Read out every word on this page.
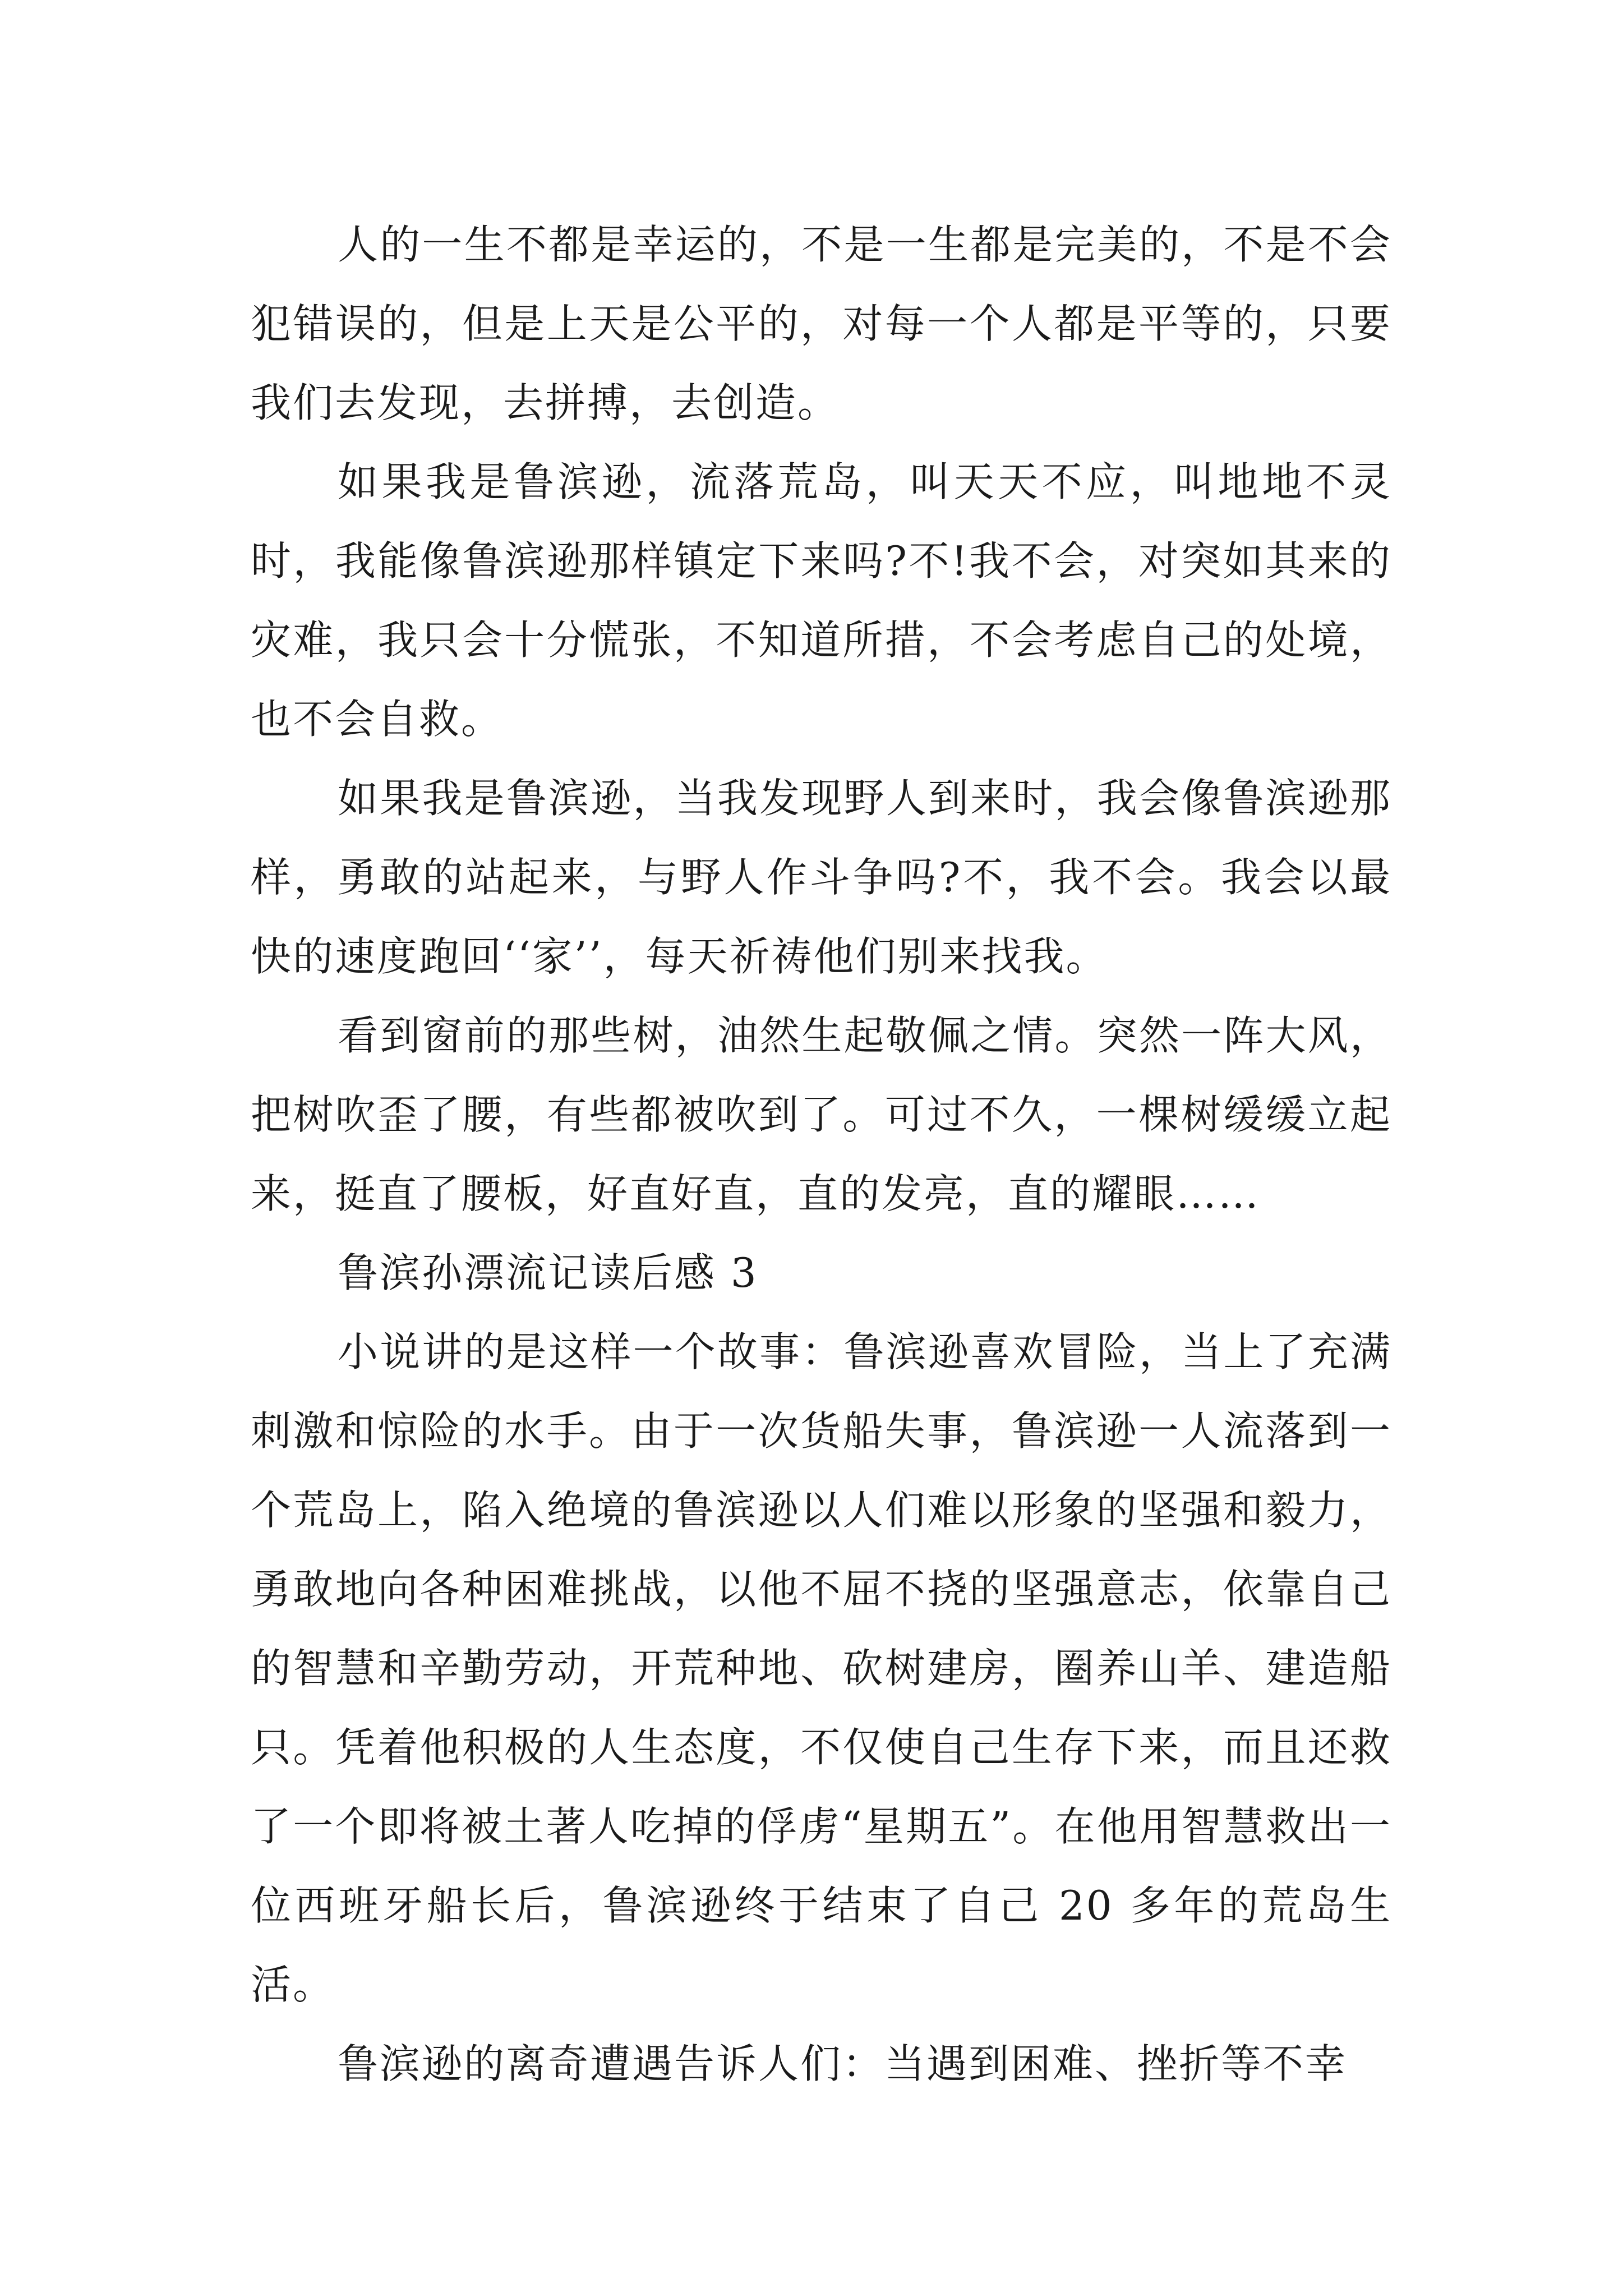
人的一生不都是幸运的，不是一生都是完美的，不是不会犯错误的，但是上天是公平的，对每一个人都是平等的，只要我们去发现，去拼搏，去创造。

如果我是鲁滨逊，流落荒岛，叫天天不应，叫地地不灵时，我能像鲁滨逊那样镇定下来吗?不!我不会，对突如其来的灾难，我只会十分慌张，不知道所措，不会考虑自己的处境，也不会自救。

如果我是鲁滨逊，当我发现野人到来时，我会像鲁滨逊那样，勇敢的站起来，与野人作斗争吗?不，我不会。我会以最快的速度跑回‘‘家’’，每天祈祷他们别来找我。

看到窗前的那些树，油然生起敬佩之情。突然一阵大风，把树吹歪了腰，有些都被吹到了。可过不久，一棵树缓缓立起来，挺直了腰板，好直好直，直的发亮，直的耀眼……

鲁滨孙漂流记读后感 3

小说讲的是这样一个故事：鲁滨逊喜欢冒险，当上了充满刺激和惊险的水手。由于一次货船失事，鲁滨逊一人流落到一个荒岛上，陷入绝境的鲁滨逊以人们难以形象的坚强和毅力，勇敢地向各种困难挑战，以他不屈不挠的坚强意志，依靠自己的智慧和辛勤劳动，开荒种地、砍树建房，圈养山羊、建造船只。凭着他积极的人生态度，不仅使自己生存下来，而且还救了一个即将被土著人吃掉的俘虏“星期五”。在他用智慧救出一位西班牙船长后，鲁滨逊终于结束了自己 20 多年的荒岛生活。

鲁滨逊的离奇遭遇告诉人们：当遇到困难、挫折等不幸
